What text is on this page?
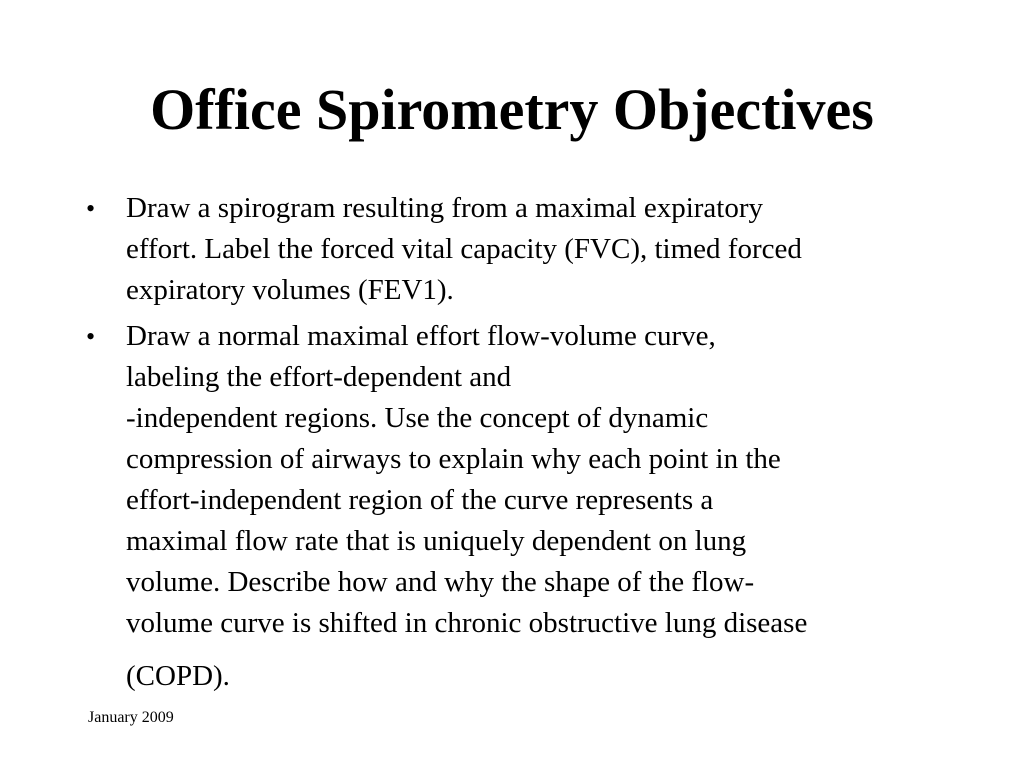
Office Spirometry Objectives
• Draw a spirogram resulting from a maximal expiratory
effort. Label the forced vital capacity (FVC), timed forced
expiratory volumes (FEV1).
• Draw a normal maximal effort flow-volume curve,
labeling the effort-dependent and
-independent regions. Use the concept of dynamic
compression of airways to explain why each point in the
effort-independent region of the curve represents a
maximal flow rate that is uniquely dependent on lung
volume. Describe how and why the shape of the flow-
volume curve is shifted in chronic obstructive lung disease
(COPD).
January 2009
